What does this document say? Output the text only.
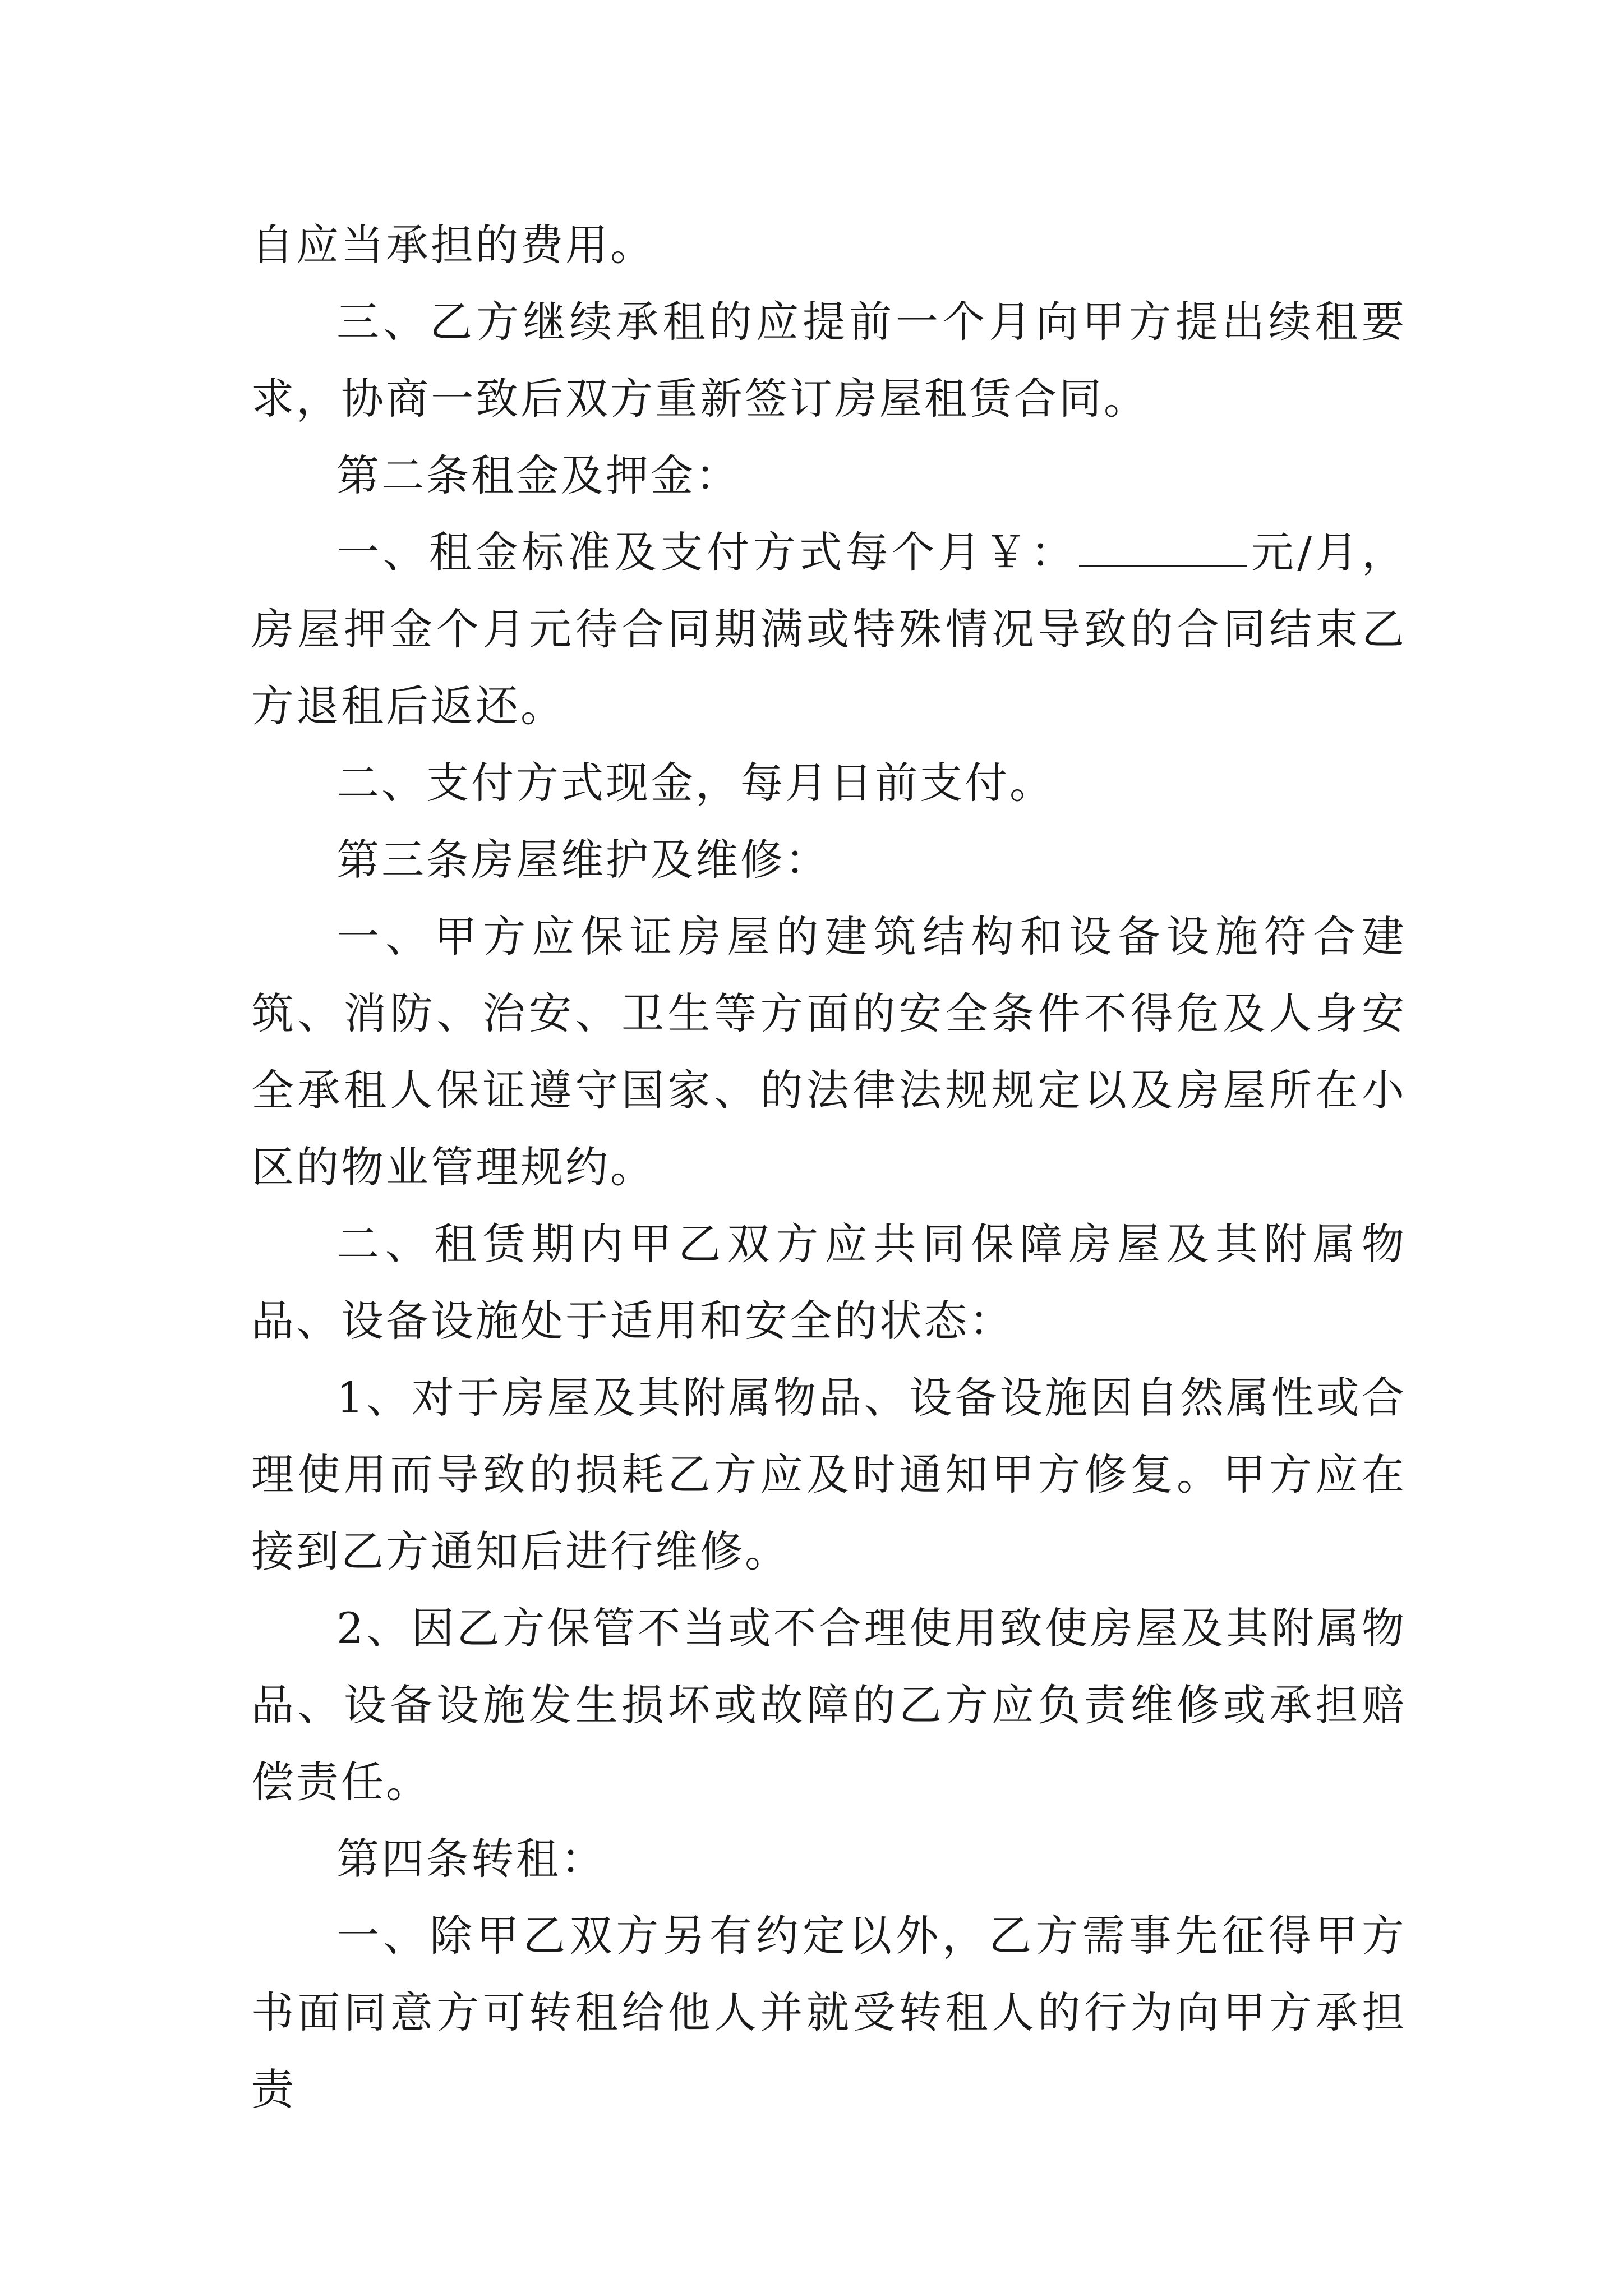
自应当承担的费用。

三、乙方继续承租的应提前一个月向甲方提出续租要求，协商一致后双方重新签订房屋租赁合同。

第二条租金及押金：

一、租金标准及支付方式每个月￥：	元/月，房屋押金个月元待合同期满或特殊情况导致的合同结束乙方退租后返还。

二、支付方式现金，每月日前支付。

第三条房屋维护及维修：

一、甲方应保证房屋的建筑结构和设备设施符合建筑、消防、治安、卫生等方面的安全条件不得危及人身安全承租人保证遵守国家、的法律法规规定以及房屋所在小区的物业管理规约。

二、租赁期内甲乙双方应共同保障房屋及其附属物品、设备设施处于适用和安全的状态：

1、对于房屋及其附属物品、设备设施因自然属性或合理使用而导致的损耗乙方应及时通知甲方修复。甲方应在接到乙方通知后进行维修。

2、因乙方保管不当或不合理使用致使房屋及其附属物品、设备设施发生损坏或故障的乙方应负责维修或承担赔偿责任。

第四条转租：

一、除甲乙双方另有约定以外，乙方需事先征得甲方书面同意方可转租给他人并就受转租人的行为向甲方承担责
